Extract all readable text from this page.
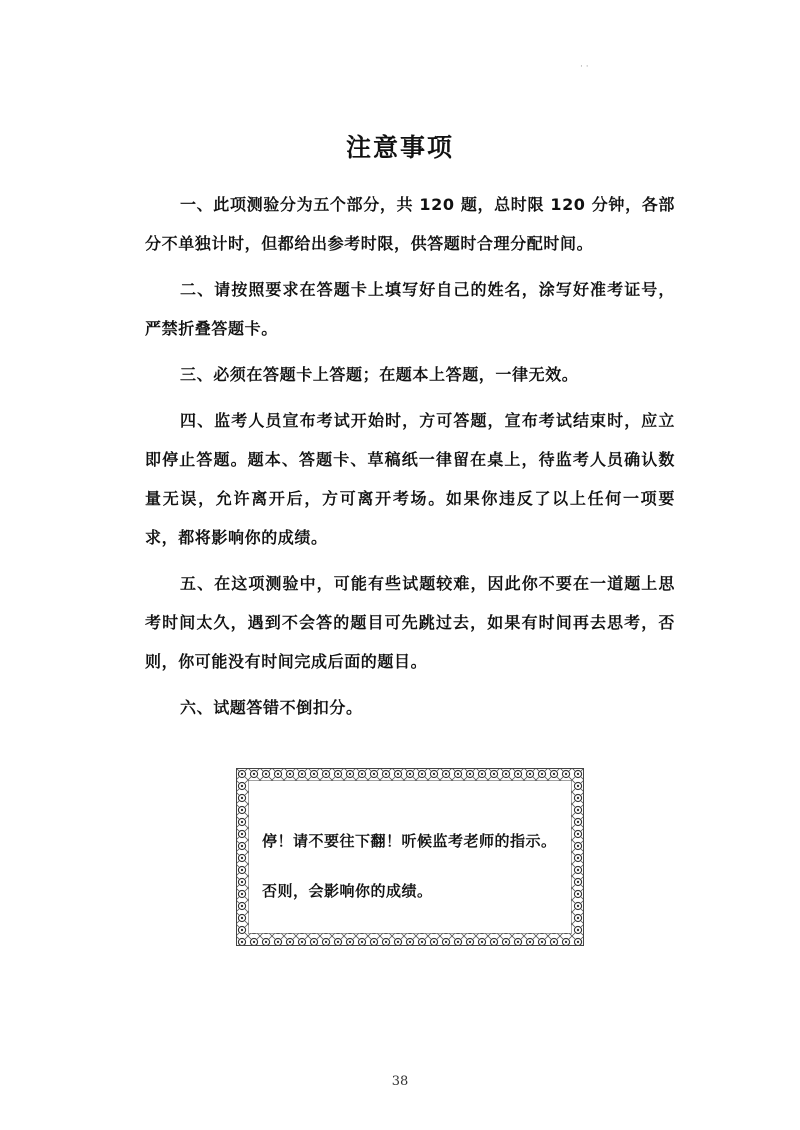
· ·
注意事项

一、此项测验分为五个部分，共 120 题，总时限 120 分钟，各部分不单独计时，但都给出参考时限，供答题时合理分配时间。

二、请按照要求在答题卡上填写好自己的姓名，涂写好准考证号，严禁折叠答题卡。

三、必须在答题卡上答题；在题本上答题，一律无效。

四、监考人员宣布考试开始时，方可答题，宣布考试结束时，应立即停止答题。题本、答题卡、草稿纸一律留在桌上，待监考人员确认数量无误，允许离开后，方可离开考场。如果你违反了以上任何一项要求，都将影响你的成绩。

五、在这项测验中，可能有些试题较难，因此你不要在一道题上思考时间太久，遇到不会答的题目可先跳过去，如果有时间再去思考，否则，你可能没有时间完成后面的题目。

六、试题答错不倒扣分。

停！请不要往下翻！听候监考老师的指示。
否则，会影响你的成绩。
38
